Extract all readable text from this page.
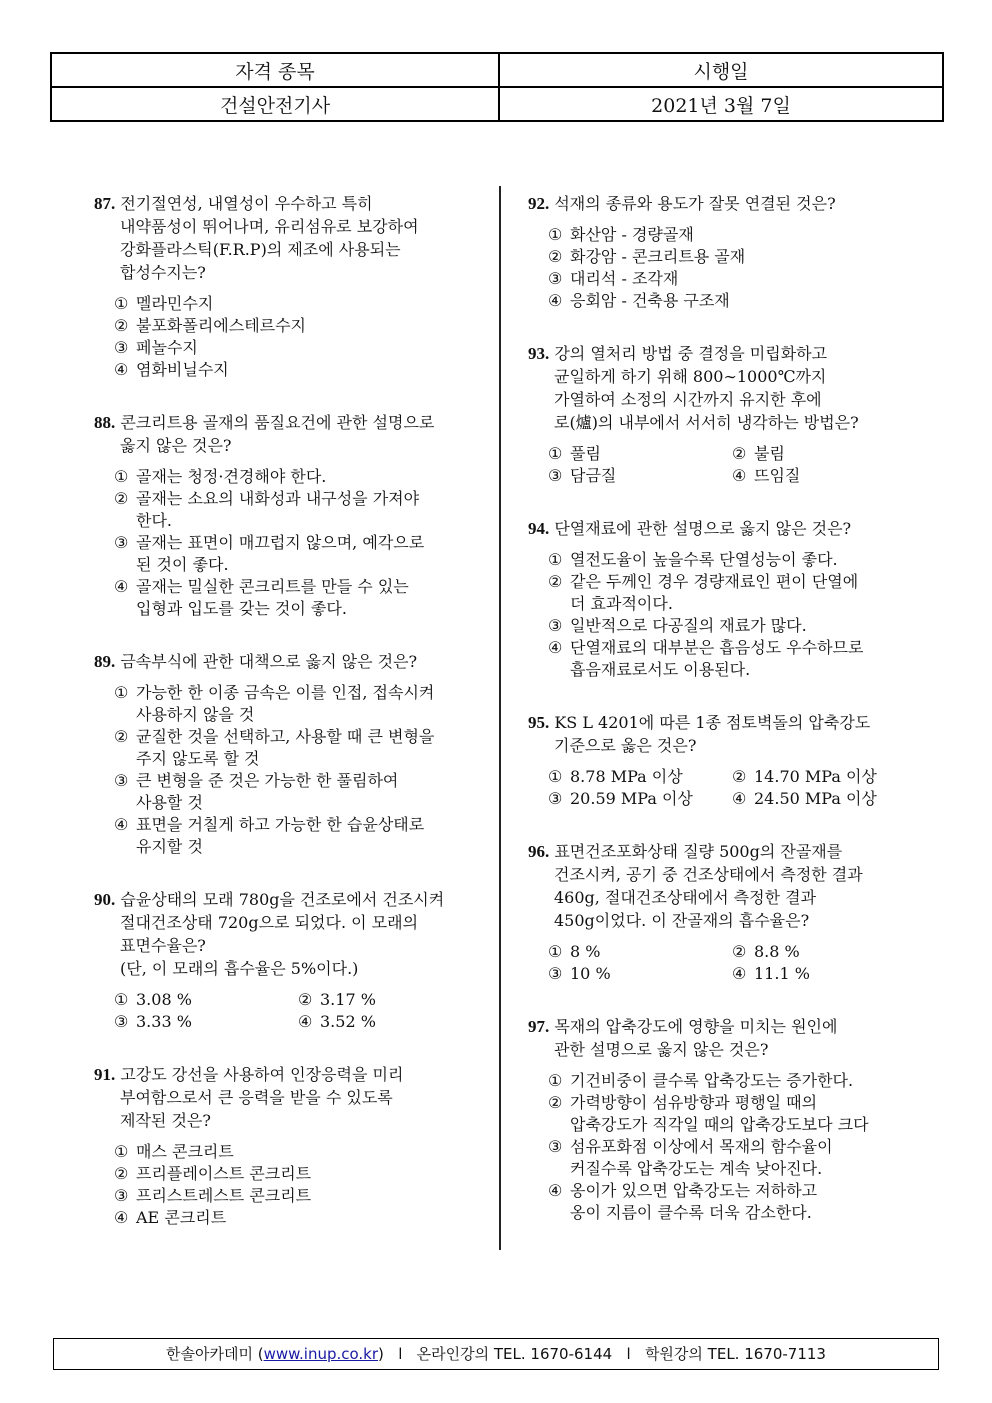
자격 종목	시행일
건설안전기사	2021년 3월 7일
87. 전기절연성, 내열성이 우수하고 특히
내약품성이 뛰어나며, 유리섬유로 보강하여
강화플라스틱(F.R.P)의 제조에 사용되는
합성수지는?
① 멜라민수지
② 불포화폴리에스테르수지
③ 페놀수지
④ 염화비닐수지
88. 콘크리트용 골재의 품질요건에 관한 설명으로
옳지 않은 것은?
① 골재는 청정·견경해야 한다.
② 골재는 소요의 내화성과 내구성을 가져야
한다.
③ 골재는 표면이 매끄럽지 않으며, 예각으로
된 것이 좋다.
④ 골재는 밀실한 콘크리트를 만들 수 있는
입형과 입도를 갖는 것이 좋다.
89. 금속부식에 관한 대책으로 옳지 않은 것은?
① 가능한 한 이종 금속은 이를 인접, 접속시켜
사용하지 않을 것
② 균질한 것을 선택하고, 사용할 때 큰 변형을
주지 않도록 할 것
③ 큰 변형을 준 것은 가능한 한 풀림하여
사용할 것
④ 표면을 거칠게 하고 가능한 한 습윤상태로
유지할 것
90. 습윤상태의 모래 780g을 건조로에서 건조시켜
절대건조상태 720g으로 되었다. 이 모래의
표면수율은?
(단, 이 모래의 흡수율은 5%이다.)
① 3.08 %	② 3.17 %
③ 3.33 %	④ 3.52 %
91. 고강도 강선을 사용하여 인장응력을 미리
부여함으로서 큰 응력을 받을 수 있도록
제작된 것은?
① 매스 콘크리트
② 프리플레이스트 콘크리트
③ 프리스트레스트 콘크리트
④ AE 콘크리트
92. 석재의 종류와 용도가 잘못 연결된 것은?
① 화산암 - 경량골재
② 화강암 - 콘크리트용 골재
③ 대리석 - 조각재
④ 응회암 - 건축용 구조재
93. 강의 열처리 방법 중 결정을 미립화하고
균일하게 하기 위해 800∼1000℃까지
가열하여 소정의 시간까지 유지한 후에
로(爐)의 내부에서 서서히 냉각하는 방법은?
① 풀림	② 불림
③ 담금질	④ 뜨임질
94. 단열재료에 관한 설명으로 옳지 않은 것은?
① 열전도율이 높을수록 단열성능이 좋다.
② 같은 두께인 경우 경량재료인 편이 단열에
더 효과적이다.
③ 일반적으로 다공질의 재료가 많다.
④ 단열재료의 대부분은 흡음성도 우수하므로
흡음재료로서도 이용된다.
95. KS L 4201에 따른 1종 점토벽돌의 압축강도
기준으로 옳은 것은?
① 8.78 MPa 이상	② 14.70 MPa 이상
③ 20.59 MPa 이상	④ 24.50 MPa 이상
96. 표면건조포화상태 질량 500g의 잔골재를
건조시켜, 공기 중 건조상태에서 측정한 결과
460g, 절대건조상태에서 측정한 결과
450g이었다. 이 잔골재의 흡수율은?
① 8 %	② 8.8 %
③ 10 %	④ 11.1 %
97. 목재의 압축강도에 영향을 미치는 원인에
관한 설명으로 옳지 않은 것은?
① 기건비중이 클수록 압축강도는 증가한다.
② 가력방향이 섬유방향과 평행일 때의
압축강도가 직각일 때의 압축강도보다 크다
③ 섬유포화점 이상에서 목재의 함수율이
커질수록 압축강도는 계속 낮아진다.
④ 옹이가 있으면 압축강도는 저하하고
옹이 지름이 클수록 더욱 감소한다.
한솔아카데미 (www.inup.co.kr)   l   온라인강의 TEL. 1670-6144   l   학원강의 TEL. 1670-7113
